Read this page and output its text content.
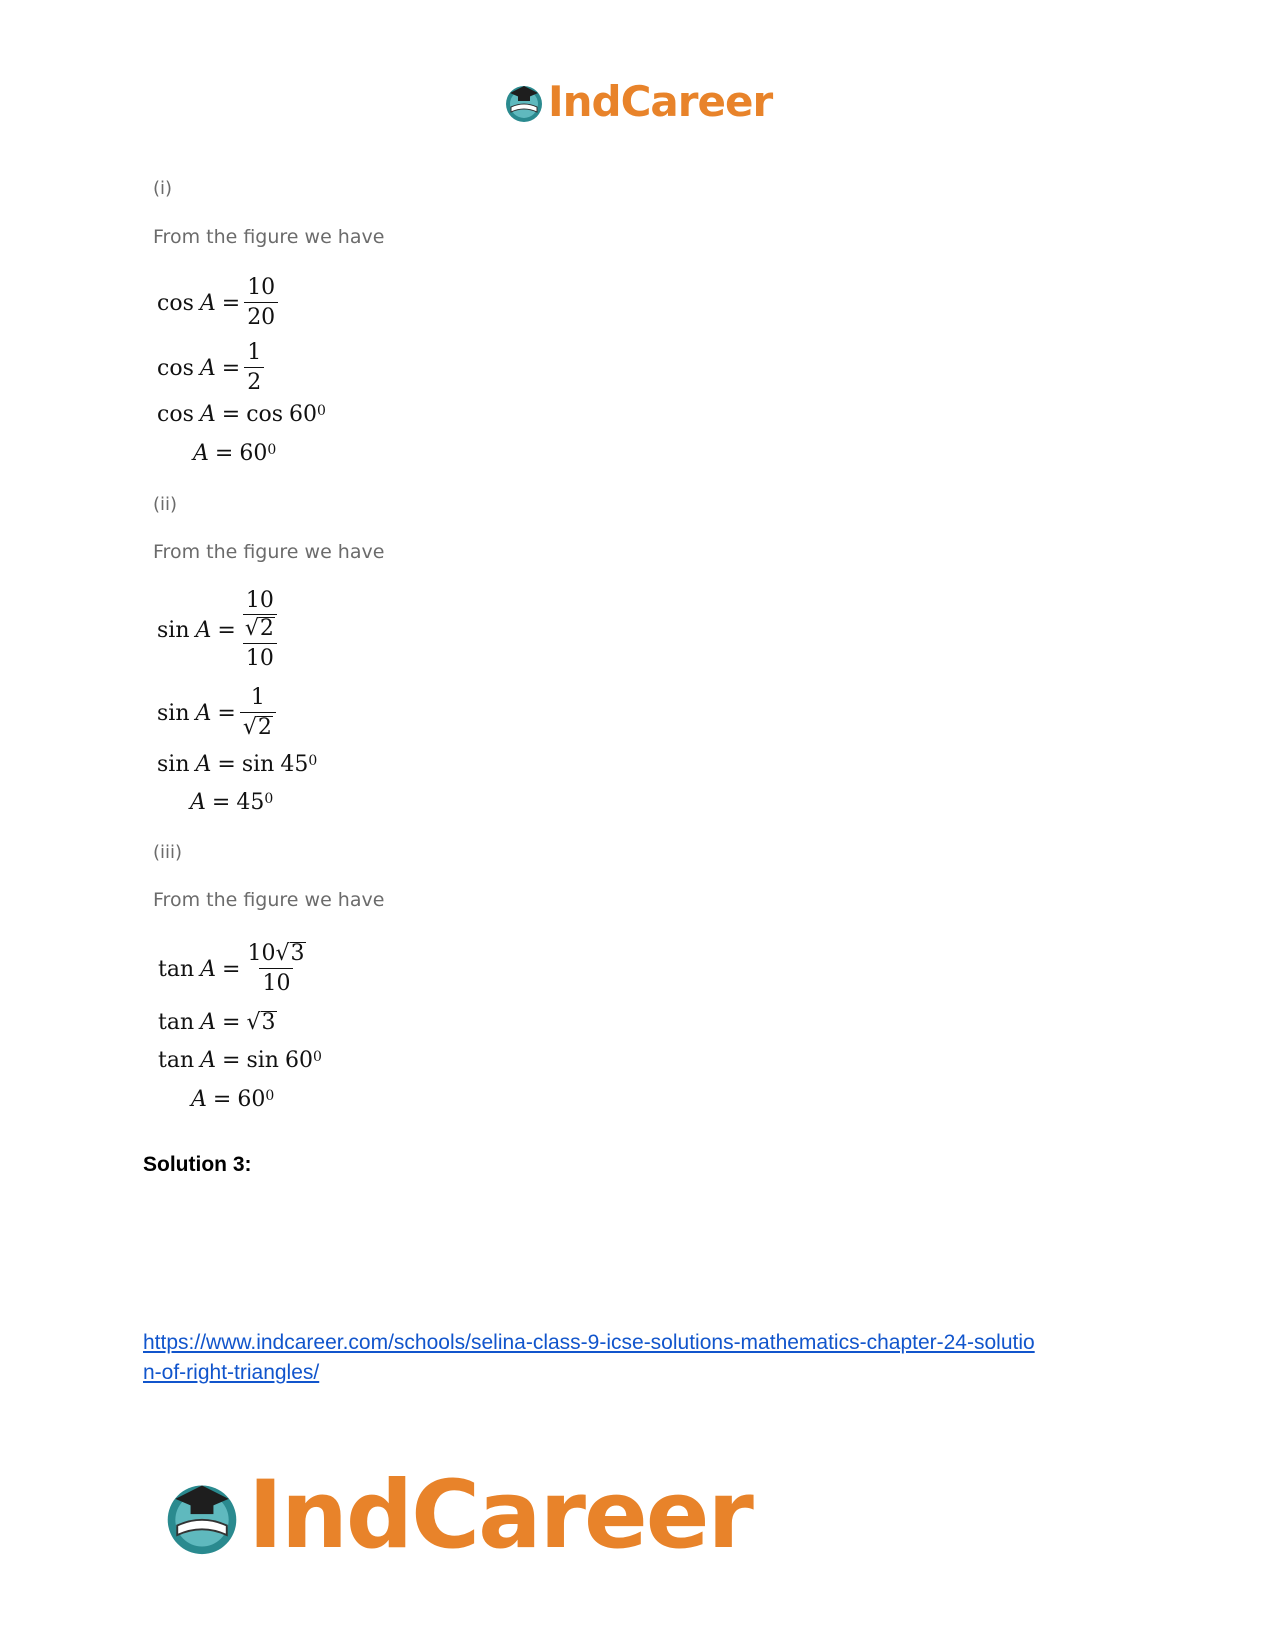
IndCareer
(i)
From the figure we have
$\cos A = \frac{10}{20}$
$\cos A = \frac{1}{2}$
cos A = cos 60 0
A = 60 0
(ii)
From the figure we have
$\sin A = \frac{\frac{10}{√ 2}}{10}$
$\sin A = \frac{1}{√ 2}$
sin A = sin 45 0
A = 45 0
(iii)
From the figure we have
$\tan A = \frac{10 √ 3}{10}$
tan A = √ 3
tan A = sin 60 0
A = 60 0
Solution 3:
https://www.indcareer.com/schools/selina-class-9-icse-solutions-mathematics-chapter-24-solutio
n-of-right-triangles/
IndCareer
